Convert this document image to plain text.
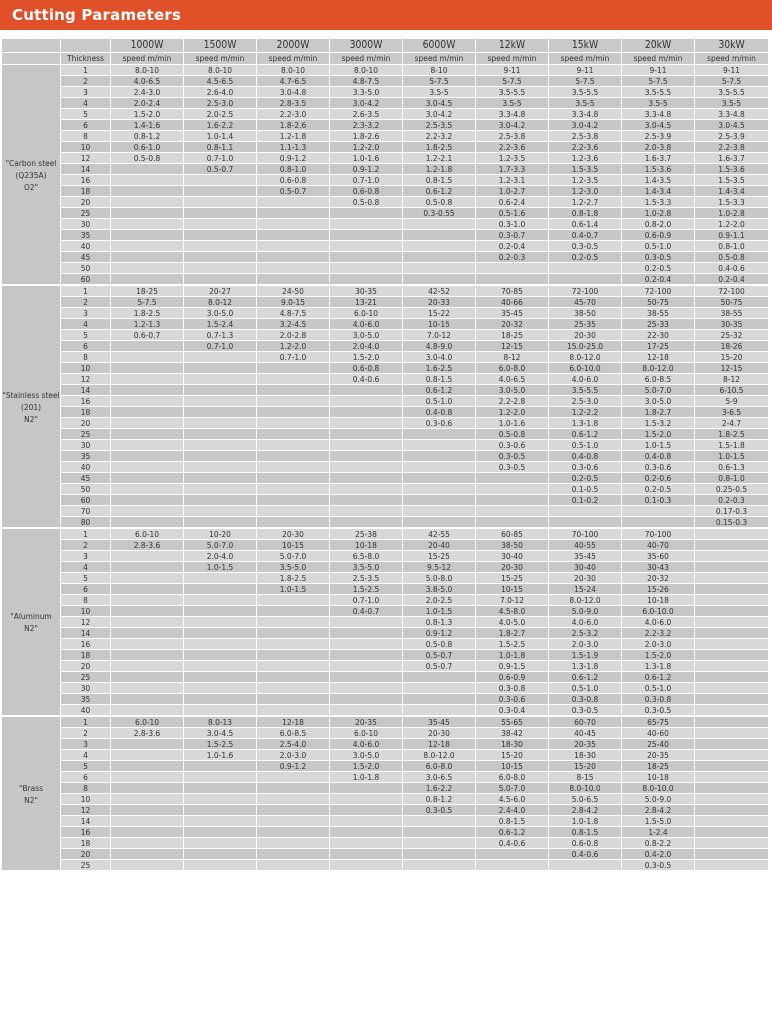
Cutting Parameters
		1000W	1500W	2000W	3000W	6000W	12kW	15kW	20kW	30kW
	Thickness	speed m/min	speed m/min	speed m/min	speed m/min	speed m/min	speed m/min	speed m/min	speed m/min	speed m/min

"Carbon steel
(Q235A)
O2"	1	8.0-10	8.0-10	8.0-10	8.0-10	8-10	9-11	9-11	9-11	9-11
	2	4.0-6.5	4.5-6.5	4.7-6.5	4.8-7.5	5-7.5	5-7.5	5-7.5	5-7.5	5-7.5
	3	2.4-3.0	2.6-4.0	3.0-4.8	3.3-5.0	3.5-5	3.5-5.5	3.5-5.5	3.5-5.5	3.5-5.5
	4	2.0-2.4	2.5-3.0	2.8-3.5	3.0-4.2	3.0-4.5	3.5-5	3.5-5	3.5-5	3.5-5
	5	1.5-2.0	2.0-2.5	2.2-3.0	2.6-3.5	3.0-4.2	3.3-4.8	3.3-4.8	3.3-4.8	3.3-4.8
	6	1.4-1.6	1.6-2.2	1.8-2.6	2.3-3.2	2.5-3.5	3.0-4.2	3.0-4.2	3.0-4.5	3.0-4.5
	8	0.8-1.2	1.0-1.4	1.2-1.8	1.8-2.6	2.2-3.2	2.5-3.8	2.5-3.8	2.5-3.9	2.5-3.9
	10	0.6-1.0	0.8-1.1	1.1-1.3	1.2-2.0	1.8-2.5	2.2-3.6	2.2-3.6	2.0-3.8	2.2-3.8
	12	0.5-0.8	0.7-1.0	0.9-1.2	1.0-1.6	1.2-2.1	1.2-3.5	1.2-3.6	1.6-3.7	1.6-3.7
	14		0.5-0.7	0.8-1.0	0.9-1.2	1.2-1.8	1.7-3.3	1.5-3.5	1.5-3.6	1.5-3.6
	16			0.6-0.8	0.7-1.0	0.8-1.5	1.2-3.1	1.2-3.5	1.4-3.5	1.5-3.5
	18			0.5-0.7	0.6-0.8	0.6-1.2	1.0-2.7	1.2-3.0	1.4-3.4	1.4-3.4
	20				0.5-0.8	0.5-0.8	0.6-2.4	1.2-2.7	1.5-3.3	1.5-3.3
	25					0.3-0.55	0.5-1.6	0.8-1.8	1.0-2.8	1.0-2.8
	30						0.3-1.0	0.6-1.4	0.8-2.0	1.2-2.0
	35						0.3-0.7	0.4-0.7	0.6-0.9	0.9-1.1
	40						0.2-0.4	0.3-0.5	0.5-1.0	0.8-1.0
	45						0.2-0.3	0.2-0.5	0.3-0.5	0.5-0.8
	50								0.2-0.5	0.4-0.6
	60								0.2-0.4	0.2-0.4

"Stainless steel
(201)
N2"	1	18-25	20-27	24-50	30-35	42-52	70-85	72-100	72-100	72-100
	2	5-7.5	8.0-12	9.0-15	13-21	20-33	40-66	45-70	50-75	50-75
	3	1.8-2.5	3.0-5.0	4.8-7.5	6.0-10	15-22	35-45	38-50	38-55	38-55
	4	1.2-1.3	1.5-2.4	3.2-4.5	4.0-6.0	10-15	20-32	25-35	25-33	30-35
	5	0.6-0.7	0.7-1.3	2.0-2.8	3.0-5.0	7.0-12	18-25	20-30	22-30	25-32
	6		0.7-1.0	1.2-2.0	2.0-4.0	4.8-9.0	12-15	15.0-25.0	17-25	18-26
	8			0.7-1.0	1.5-2.0	3.0-4.0	8-12	8.0-12.0	12-18	15-20
	10				0.6-0.8	1.6-2.5	6.0-8.0	6.0-10.0	8.0-12.0	12-15
	12				0.4-0.6	0.8-1.5	4.0-6.5	4.0-6.0	6.0-8.5	8-12
	14					0.6-1.2	3.0-5.0	3.5-5.5	5.0-7.0	6-10.5
	16					0.5-1.0	2.2-2.8	2.5-3.0	3.0-5.0	5-9
	18					0.4-0.8	1.2-2.0	1.2-2.2	1.8-2.7	3-6.5
	20					0.3-0.6	1.0-1.6	1.3-1.8	1.5-3.2	2-4.7
	25						0.5-0.8	0.6-1.2	1.5-2.0	1.8-2.5
	30						0.3-0.6	0.5-1.0	1.0-1.5	1.5-1.8
	35						0.3-0.5	0.4-0.8	0.4-0.8	1.0-1.5
	40						0.3-0.5	0.3-0.6	0.3-0.6	0.6-1.3
	45							0.2-0.5	0.2-0.6	0.8-1.0
	50							0.1-0.5	0.2-0.5	0.25-0.5
	60							0.1-0.2	0.1-0.3	0.2-0.3
	70									0.17-0.3
	80									0.15-0.3

"Aluminum
N2"	1	6.0-10	10-20	20-30	25-38	42-55	60-85	70-100	70-100	
	2	2.8-3.6	5.0-7.0	10-15	10-18	20-40	38-50	40-55	40-70	
	3		2.0-4.0	5.0-7.0	6.5-8.0	15-25	30-40	35-45	35-60	
	4		1.0-1.5	3.5-5.0	3.5-5.0	9.5-12	20-30	30-40	30-43	
	5			1.8-2.5	2.5-3.5	5.0-8.0	15-25	20-30	20-32	
	6			1.0-1.5	1.5-2.5	3.8-5.0	10-15	15-24	15-26	
	8				0.7-1.0	2.0-2.5	7.0-12	8.0-12.0	10-18	
	10				0.4-0.7	1.0-1.5	4.5-8.0	5.0-9.0	6.0-10.0	
	12					0.8-1.3	4.0-5.0	4.0-6.0	4.0-6.0	
	14					0.9-1.2	1.8-2.7	2.5-3.2	2.2-3.2	
	16					0.5-0.8	1.5-2.5	2.0-3.0	2.0-3.0	
	18					0.5-0.7	1.0-1.8	1.5-1.9	1.5-2.0	
	20					0.5-0.7	0.9-1.5	1.3-1.8	1.3-1.8	
	25						0.6-0.9	0.6-1.2	0.6-1.2	
	30						0.3-0.8	0.5-1.0	0.5-1.0	
	35						0.3-0.6	0.3-0.8	0.3-0.8	
	40						0.3-0.4	0.3-0.5	0.3-0.5	

"Brass
N2"	1	6.0-10	8.0-13	12-18	20-35	35-45	55-65	60-70	65-75	
	2	2.8-3.6	3.0-4.5	6.0-8.5	6.0-10	20-30	38-42	40-45	40-60	
	3		1.5-2.5	2.5-4.0	4.0-6.0	12-18	18-30	20-35	25-40	
	4		1.0-1.6	2.0-3.0	3.0-5.0	8.0-12.0	15-20	18-30	20-35	
	5			0.9-1.2	1.5-2.0	6.0-8.0	10-15	15-20	18-25	
	6				1.0-1.8	3.0-6.5	6.0-8.0	8-15	10-18	
	8					1.6-2.2	5.0-7.0	8.0-10.0	8.0-10.0	
	10					0.8-1.2	4.5-6.0	5.0-6.5	5.0-9.0	
	12					0.3-0.5	2.4-4.0	2.8-4.2	2.8-4.2	
	14						0.8-1.5	1.0-1.8	1.5-5.0	
	16						0.6-1.2	0.8-1.5	1-2.4	
	18						0.4-0.6	0.6-0.8	0.8-2.2	
	20							0.4-0.6	0.4-2.0	
	25								0.3-0.5	
